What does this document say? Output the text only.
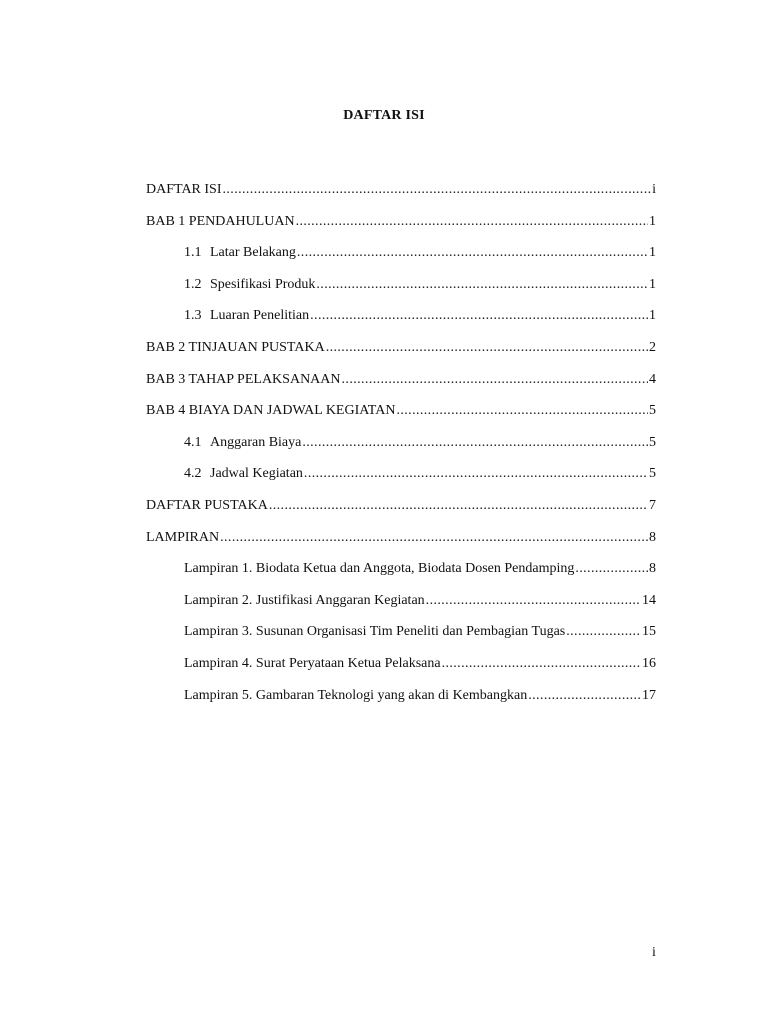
DAFTAR ISI
DAFTAR ISI .....	i
BAB 1 PENDAHULUAN .....	1
1.1 Latar Belakang .....	1
1.2 Spesifikasi Produk .....	1
1.3 Luaran Penelitian .....	1
BAB 2 TINJAUAN PUSTAKA .....	2
BAB 3 TAHAP PELAKSANAAN .....	4
BAB 4 BIAYA DAN JADWAL KEGIATAN .....	5
4.1 Anggaran Biaya .....	5
4.2 Jadwal Kegiatan .....	5
DAFTAR PUSTAKA .....	7
LAMPIRAN .....	8
Lampiran 1. Biodata Ketua dan Anggota, Biodata Dosen Pendamping .....	8
Lampiran 2. Justifikasi Anggaran Kegiatan .....	14
Lampiran 3. Susunan Organisasi Tim Peneliti dan Pembagian Tugas .....	15
Lampiran 4. Surat Peryataan Ketua Pelaksana .....	16
Lampiran 5. Gambaran Teknologi yang akan di Kembangkan .....	17
i
